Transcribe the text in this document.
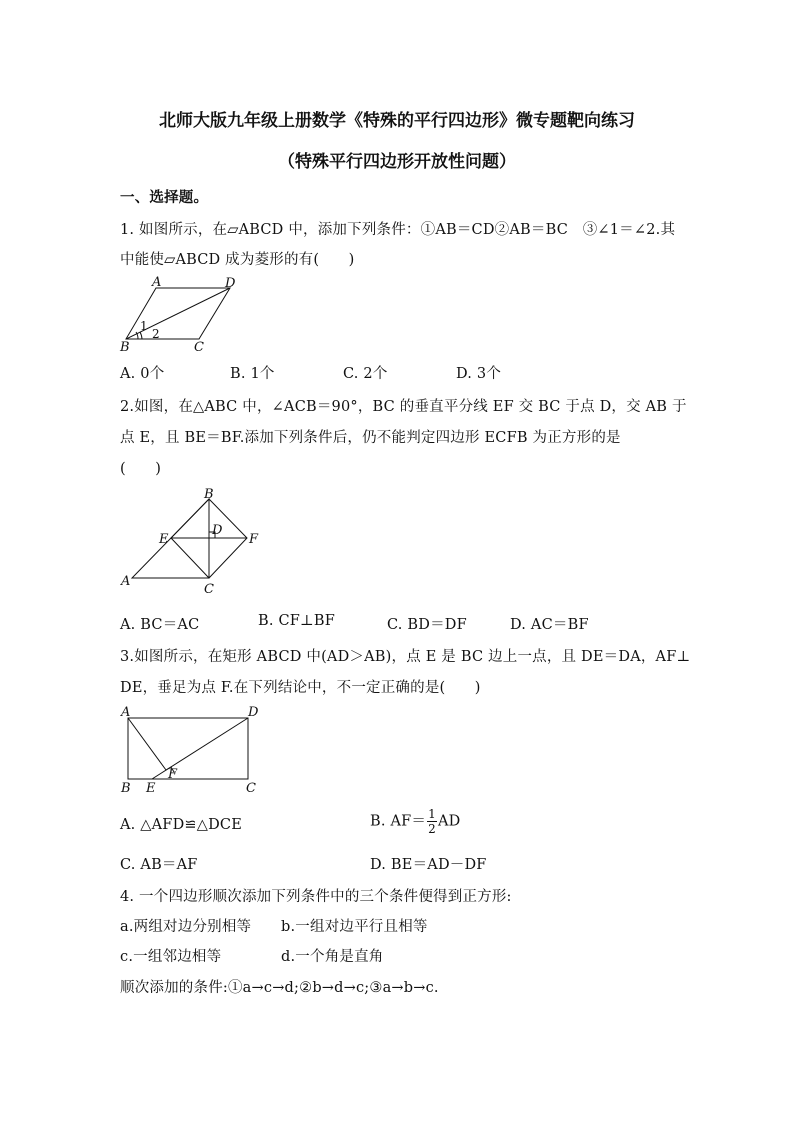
北师大版九年级上册数学《特殊的平行四边形》微专题靶向练习
（特殊平行四边形开放性问题）
一、选择题。
1. 如图所示，在▱ABCD 中，添加下列条件：①AB＝CD②AB＝BC　③∠1＝∠2.其
中能使▱ABCD 成为菱形的有(　　)
A	D
B	C
1
2
A. 0个	B. 1个	C. 2个	D. 3个
2.如图，在△ABC 中，∠ACB＝90°，BC 的垂直平分线 EF 交 BC 于点 D，交 AB 于
点 E，且 BE＝BF.添加下列条件后，仍不能判定四边形 ECFB 为正方形的是
(　　)
B
E
D
F
A
C
A. BC＝AC	B. CF⊥BF	C. BD＝DF	D. AC＝BF
3.如图所示，在矩形 ABCD 中(AD＞AB)，点 E 是 BC 边上一点，且 DE＝DA，AF⊥
DE，垂足为点 F.在下列结论中，不一定正确的是(　　)
A	D
B E
F
C
A. △AFD≌△DCE	B. $AF= \frac{1}{2}$ AD
C. AB＝AF	D. BE＝AD－DF
4. 一个四边形顺次添加下列条件中的三个条件便得到正方形:
a.两组对边分别相等 b.一组对边平行且相等
c.一组邻边相等	d.一个角是直角
顺次添加的条件:①a→c→d;②b→d→c;③a→b→c.
